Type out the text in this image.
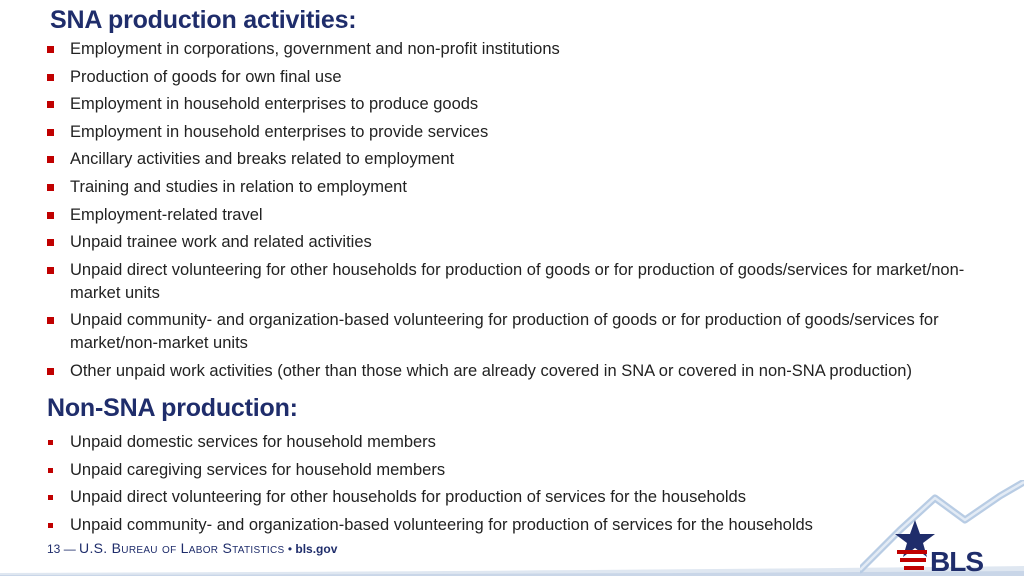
SNA production activities:
Employment in corporations, government and non-profit institutions
Production of goods for own final use
Employment in household enterprises to produce goods
Employment in household enterprises to provide services
Ancillary activities and breaks related to employment
Training and studies in relation to employment
Employment-related travel
Unpaid trainee work and related activities
Unpaid direct volunteering for other households for production of goods or for production of goods/services for market/non-market units
Unpaid community- and organization-based volunteering for production of goods or for production of goods/services for market/non-market units
Other unpaid work activities (other than those which are already covered in SNA or covered in non-SNA production)
Non-SNA production:
Unpaid domestic services for household members
Unpaid caregiving services for household members
Unpaid direct volunteering for other households for production of services for the households
Unpaid community- and organization-based volunteering for production of services for the households
13 — U.S. Bureau of Labor Statistics • bls.gov	BLS
